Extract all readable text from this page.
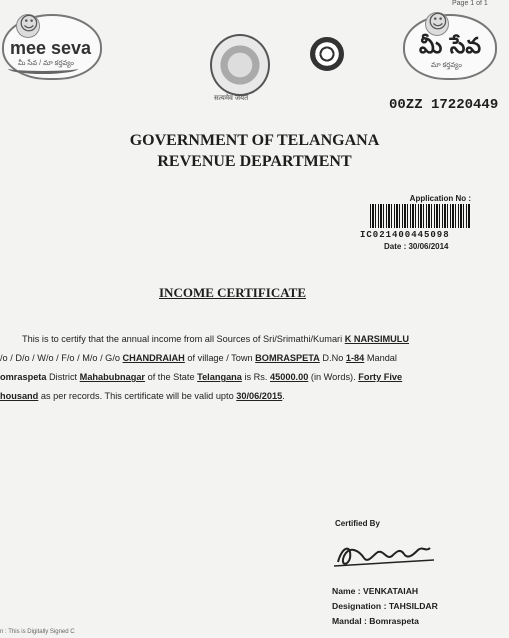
Page 1 of 1
☺
mee seva
మీ సేవ / మా కర్తవ్యం
सत्यमेव जयते
☺
మీ సేవ
మా కర్తవ్యం
00ZZ 17220449
GOVERNMENT OF TELANGANA
REVENUE DEPARTMENT
Application No :
IC021400445098
Date : 30/06/2014
INCOME CERTIFICATE
This is to certify that the annual income from all Sources of Sri/Srimathi/Kumari K NARSIMULU
/o / D/o / W/o / F/o / M/o / G/o CHANDRAIAH of village / Town BOMRASPETA D.No 1-84 Mandal
omraspeta District Mahabubnagar of the State Telangana is Rs. 45000.00 (in Words). Forty Five
housand as per records. This certificate will be valid upto 30/06/2015.
Certified By
Name : VENKATAIAH
Designation : TAHSILDAR
Mandal : Bomraspeta
n : This is Digitally Signed C
